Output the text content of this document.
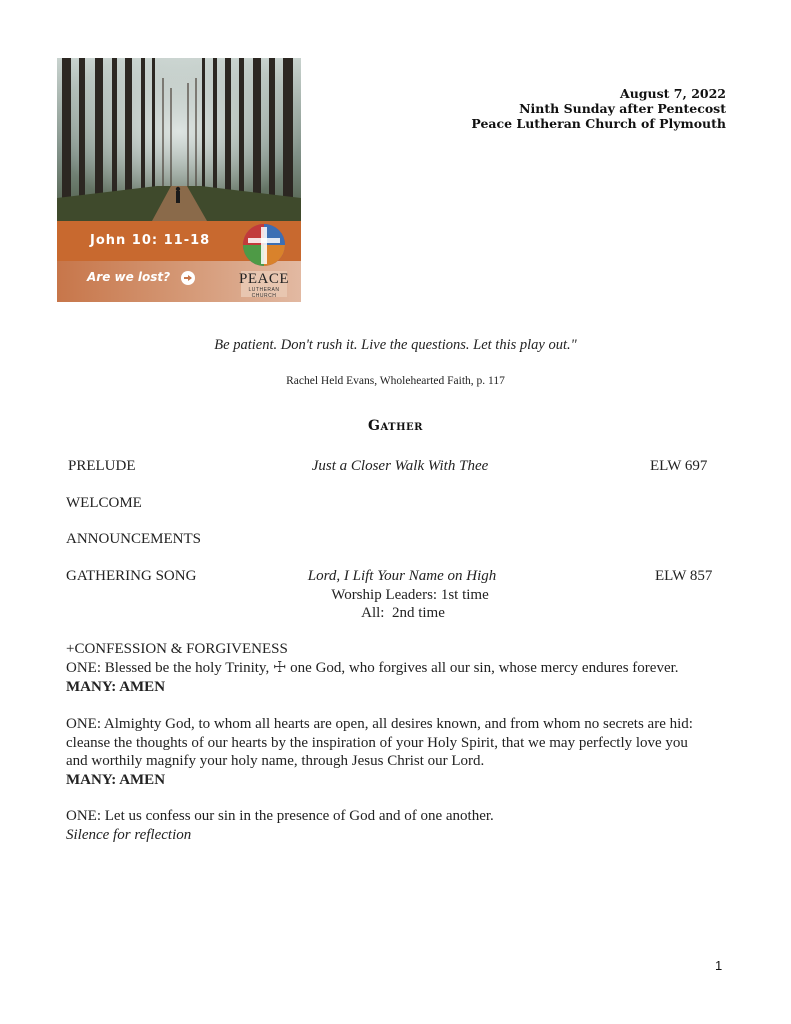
John 10: 11-18
Are we lost?	PEACE
LUTHERAN CHURCH
August 7, 2022
Ninth Sunday after Pentecost
Peace Lutheran Church of Plymouth
Be patient. Don't rush it. Live the questions. Let this play out."
Rachel Held Evans, Wholehearted Faith, p. 117
Gather
PRELUDE	Just a Closer Walk With Thee	ELW 697
WELCOME
ANNOUNCEMENTS
GATHERING SONG	Lord, I Lift Your Name on High	ELW 857
Worship Leaders: 1st time
All:  2nd time
+CONFESSION & FORGIVENESS
ONE: Blessed be the holy Trinity, ☩ one God, who forgives all our sin, whose mercy endures forever.
MANY: AMEN
ONE: Almighty God, to whom all hearts are open, all desires known, and from whom no secrets are hid:
cleanse the thoughts of our hearts by the inspiration of your Holy Spirit, that we may perfectly love you
and worthily magnify your holy name, through Jesus Christ our Lord.
MANY: AMEN
ONE: Let us confess our sin in the presence of God and of one another.
Silence for reflection
1
